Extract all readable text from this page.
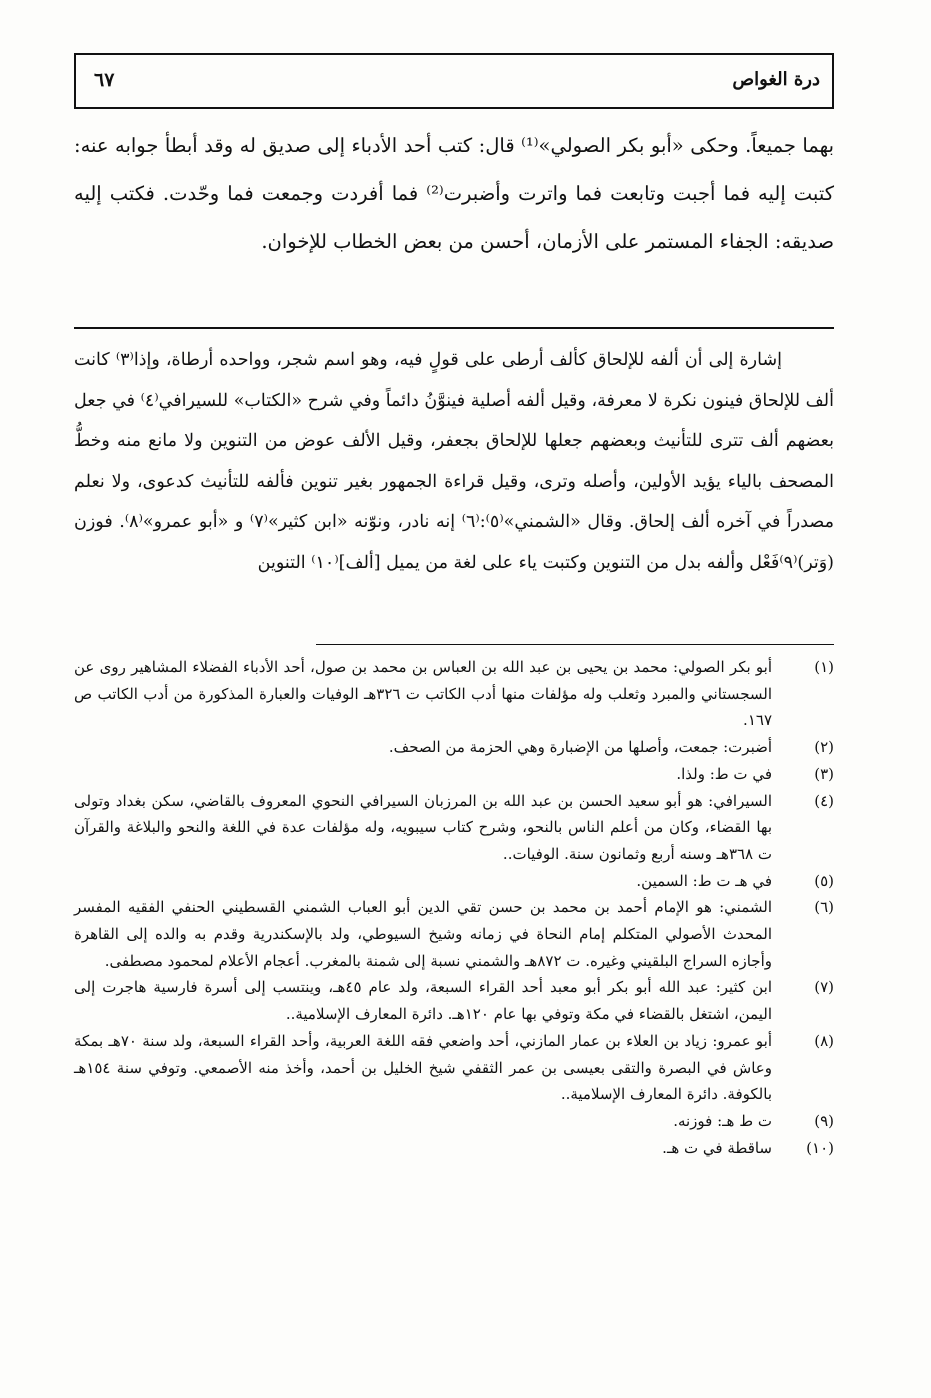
درة الغواص
٦٧
بهما جميعاً. وحكى «أبو بكر الصولي»⁽¹⁾ قال: كتب أحد الأدباء إلى صديق له وقد أبطأ جوابه عنه: كتبت إليه فما أجبت وتابعت فما واترت وأضبرت⁽²⁾ فما أفردت وجمعت فما وحّدت. فكتب إليه صديقه: الجفاء المستمر على الأزمان، أحسن من بعض الخطاب للإخوان.
إشارة إلى أن ألفه للإلحاق كألف أرطى على قولٍ فيه، وهو اسم شجر، وواحده أرطاة، وإذا⁽٣⁾ كانت ألف للإلحاق فينون نكرة لا معرفة، وقيل ألفه أصلية فينوَّنُ دائماً وفي شرح «الكتاب» للسيرافي⁽٤⁾ في جعل بعضهم ألف تترى للتأنيث وبعضهم جعلها للإلحاق بجعفر، وقيل الألف عوض من التنوين ولا مانع منه وخطُّ المصحف بالياء يؤيد الأولين، وأصله وترى، وقيل قراءة الجمهور بغير تنوين فألفه للتأنيث كدعوى، ولا نعلم مصدراً في آخره ألف إلحاق. وقال «الشمني»⁽٥⁾:⁽٦⁾ إنه نادر، ونوّنه «ابن كثير»⁽٧⁾ و «أبو عمرو»⁽٨⁾. فوزن (وَتر)⁽٩⁾فَعْل وألفه بدل من التنوين وكتبت ياء على لغة من يميل [ألف]⁽١٠⁾ التنوين
(١)

أبو بكر الصولي: محمد بن يحيى بن عبد الله بن العباس بن محمد بن صول، أحد الأدباء الفضلاء المشاهير روى عن السجستاني والمبرد وثعلب وله مؤلفات منها أدب الكاتب ت ٣٢٦هـ الوفيات والعبارة المذكورة من أدب الكاتب ص ١٦٧.

(٢)

أضبرت: جمعت، وأصلها من الإضبارة وهي الحزمة من الصحف.

(٣)

في ت ط: ولذا.

(٤)

السيرافي: هو أبو سعيد الحسن بن عبد الله بن المرزبان السيرافي النحوي المعروف بالقاضي، سكن بغداد وتولى بها القضاء، وكان من أعلم الناس بالنحو، وشرح كتاب سيبويه، وله مؤلفات عدة في اللغة والنحو والبلاغة والقرآن ت ٣٦٨هـ وسنه أربع وثمانون سنة. الوفيات..

(٥)

في هـ ت ط: السمين.

(٦)

الشمني: هو الإمام أحمد بن محمد بن حسن تقي الدين أبو العباب الشمني القسطيني الحنفي الفقيه المفسر المحدث الأصولي المتكلم إمام النحاة في زمانه وشيخ السيوطي، ولد بالإسكندرية وقدم به والده إلى القاهرة وأجازه السراج البلقيني وغيره. ت ٨٧٢هـ والشمني نسبة إلى شمنة بالمغرب. أعجام الأعلام لمحمود مصطفى.

(٧)

ابن كثير: عبد الله أبو بكر أبو معبد أحد القراء السبعة، ولد عام ٤٥هـ، وينتسب إلى أسرة فارسية هاجرت إلى اليمن، اشتغل بالقضاء في مكة وتوفي بها عام ١٢٠هـ. دائرة المعارف الإسلامية..

(٨)

أبو عمرو: زياد بن العلاء بن عمار المازني، أحد واضعي فقه اللغة العربية، وأحد القراء السبعة، ولد سنة ٧٠هـ بمكة وعاش في البصرة والتقى بعيسى بن عمر الثقفي شيخ الخليل بن أحمد، وأخذ منه الأصمعي. وتوفي سنة ١٥٤هـ بالكوفة. دائرة المعارف الإسلامية..

(٩)

ت ط هـ: فوزنه.

(١٠)

ساقطة في ت هـ.
